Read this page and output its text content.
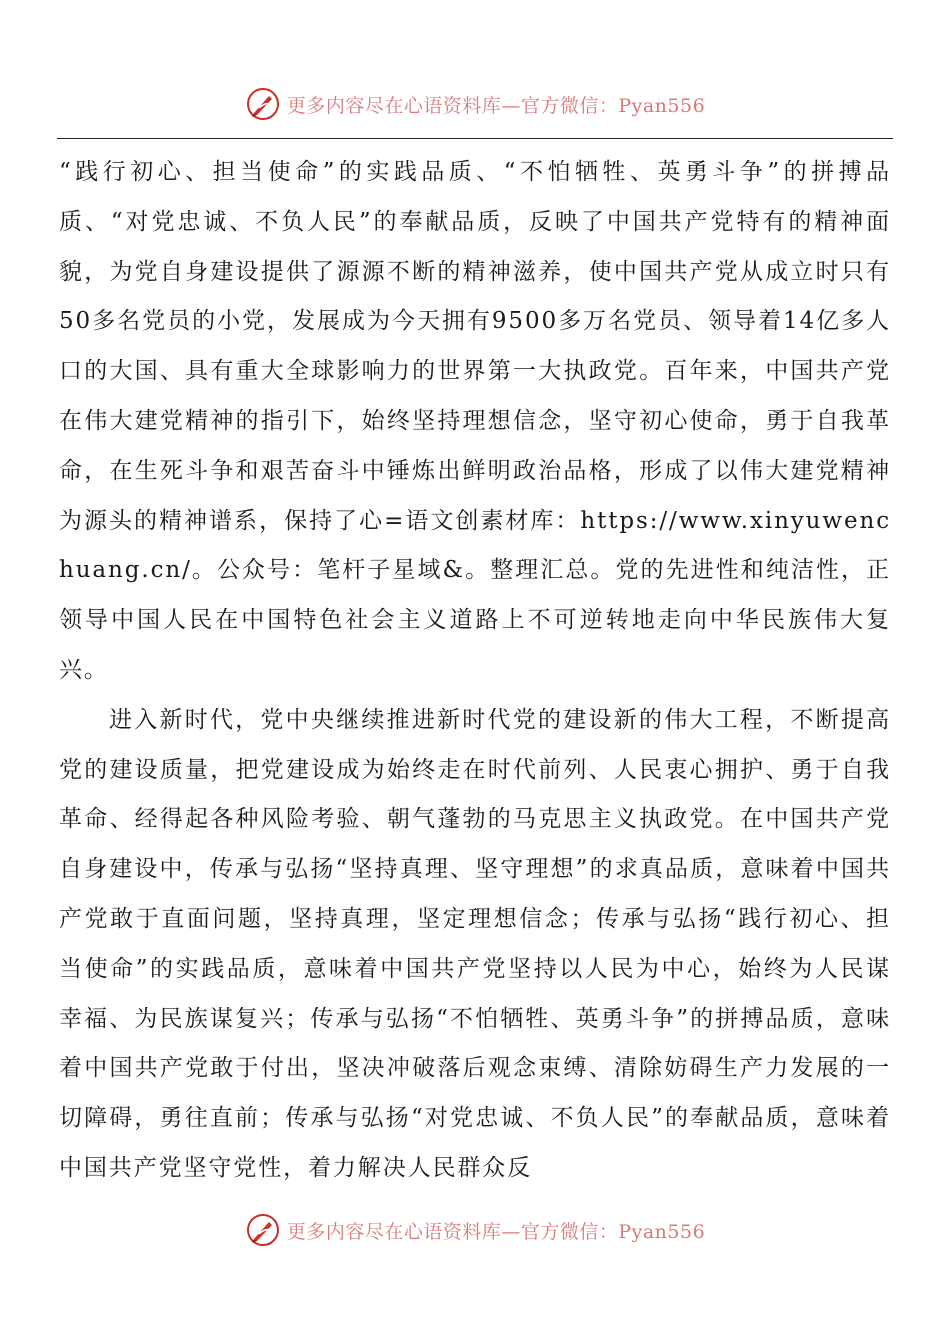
更多内容尽在心语资料库—官方微信：Pyan556

“践行初心、担当使命”的实践品质、“不怕牺牲、英勇斗争”的拼搏品质、“对党忠诚、不负人民”的奉献品质，反映了中国共产党特有的精神面貌，为党自身建设提供了源源不断的精神滋养，使中国共产党从成立时只有50多名党员的小党，发展成为今天拥有9500多万名党员、领导着14亿多人口的大国、具有重大全球影响力的世界第一大执政党。百年来，中国共产党在伟大建党精神的指引下，始终坚持理想信念，坚守初心使命，勇于自我革命，在生死斗争和艰苦奋斗中锤炼出鲜明政治品格，形成了以伟大建党精神为源头的精神谱系，保持了心=语文创素材库：https://www.xinyuwenchuang.cn/。公众号：笔杆子星域&。整理汇总。党的先进性和纯洁性，正领导中国人民在中国特色社会主义道路上不可逆转地走向中华民族伟大复兴。

进入新时代，党中央继续推进新时代党的建设新的伟大工程，不断提高党的建设质量，把党建设成为始终走在时代前列、人民衷心拥护、勇于自我革命、经得起各种风险考验、朝气蓬勃的马克思主义执政党。在中国共产党自身建设中，传承与弘扬“坚持真理、坚守理想”的求真品质，意味着中国共产党敢于直面问题，坚持真理，坚定理想信念；传承与弘扬“践行初心、担当使命”的实践品质，意味着中国共产党坚持以人民为中心，始终为人民谋幸福、为民族谋复兴；传承与弘扬“不怕牺牲、英勇斗争”的拼搏品质，意味着中国共产党敢于付出，坚决冲破落后观念束缚、清除妨碍生产力发展的一切障碍，勇往直前；传承与弘扬“对党忠诚、不负人民”的奉献品质，意味着中国共产党坚守党性，着力解决人民群众反

更多内容尽在心语资料库—官方微信：Pyan556
